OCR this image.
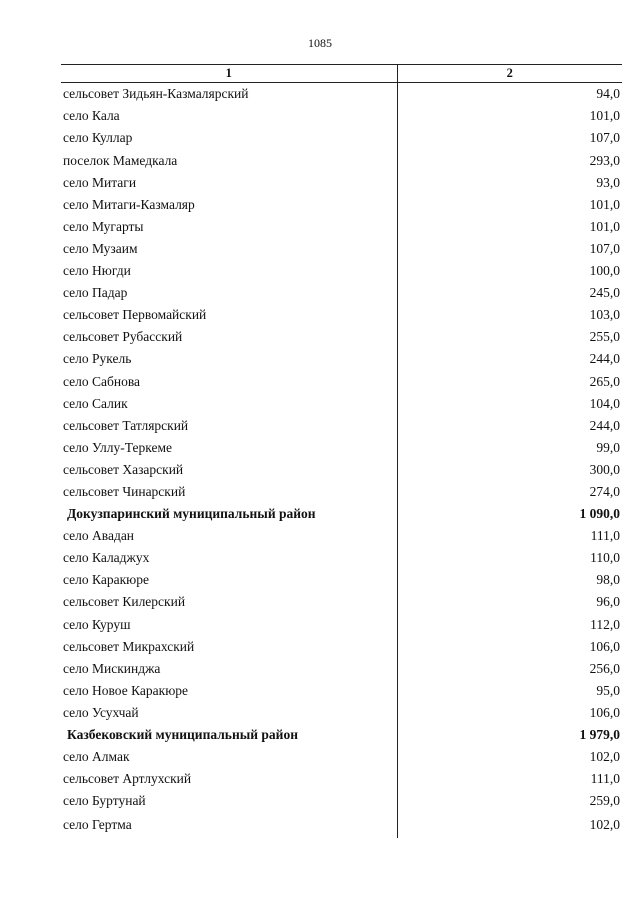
1085
1	2
сельсовет Зидьян-Казмалярский	94,0
село Кала	101,0
село Куллар	107,0
поселок Мамедкала	293,0
село Митаги	93,0
село Митаги-Казмаляр	101,0
село Мугарты	101,0
село Музаим	107,0
село Нюгди	100,0
село Падар	245,0
сельсовет Первомайский	103,0
сельсовет Рубасский	255,0
село Рукель	244,0
село Сабнова	265,0
село Салик	104,0
сельсовет Татлярский	244,0
село Уллу-Теркеме	99,0
сельсовет Хазарский	300,0
сельсовет Чинарский	274,0
Докузпаринский муниципальный район	1 090,0
село Авадан	111,0
село Каладжух	110,0
село Каракюре	98,0
сельсовет Килерский	96,0
село Куруш	112,0
сельсовет Микрахский	106,0
село Мискинджа	256,0
село Новое Каракюре	95,0
село Усухчай	106,0
Казбековский муниципальный район	1 979,0
село Алмак	102,0
сельсовет Артлухский	111,0
село Буртунай	259,0
село Гертма	102,0
